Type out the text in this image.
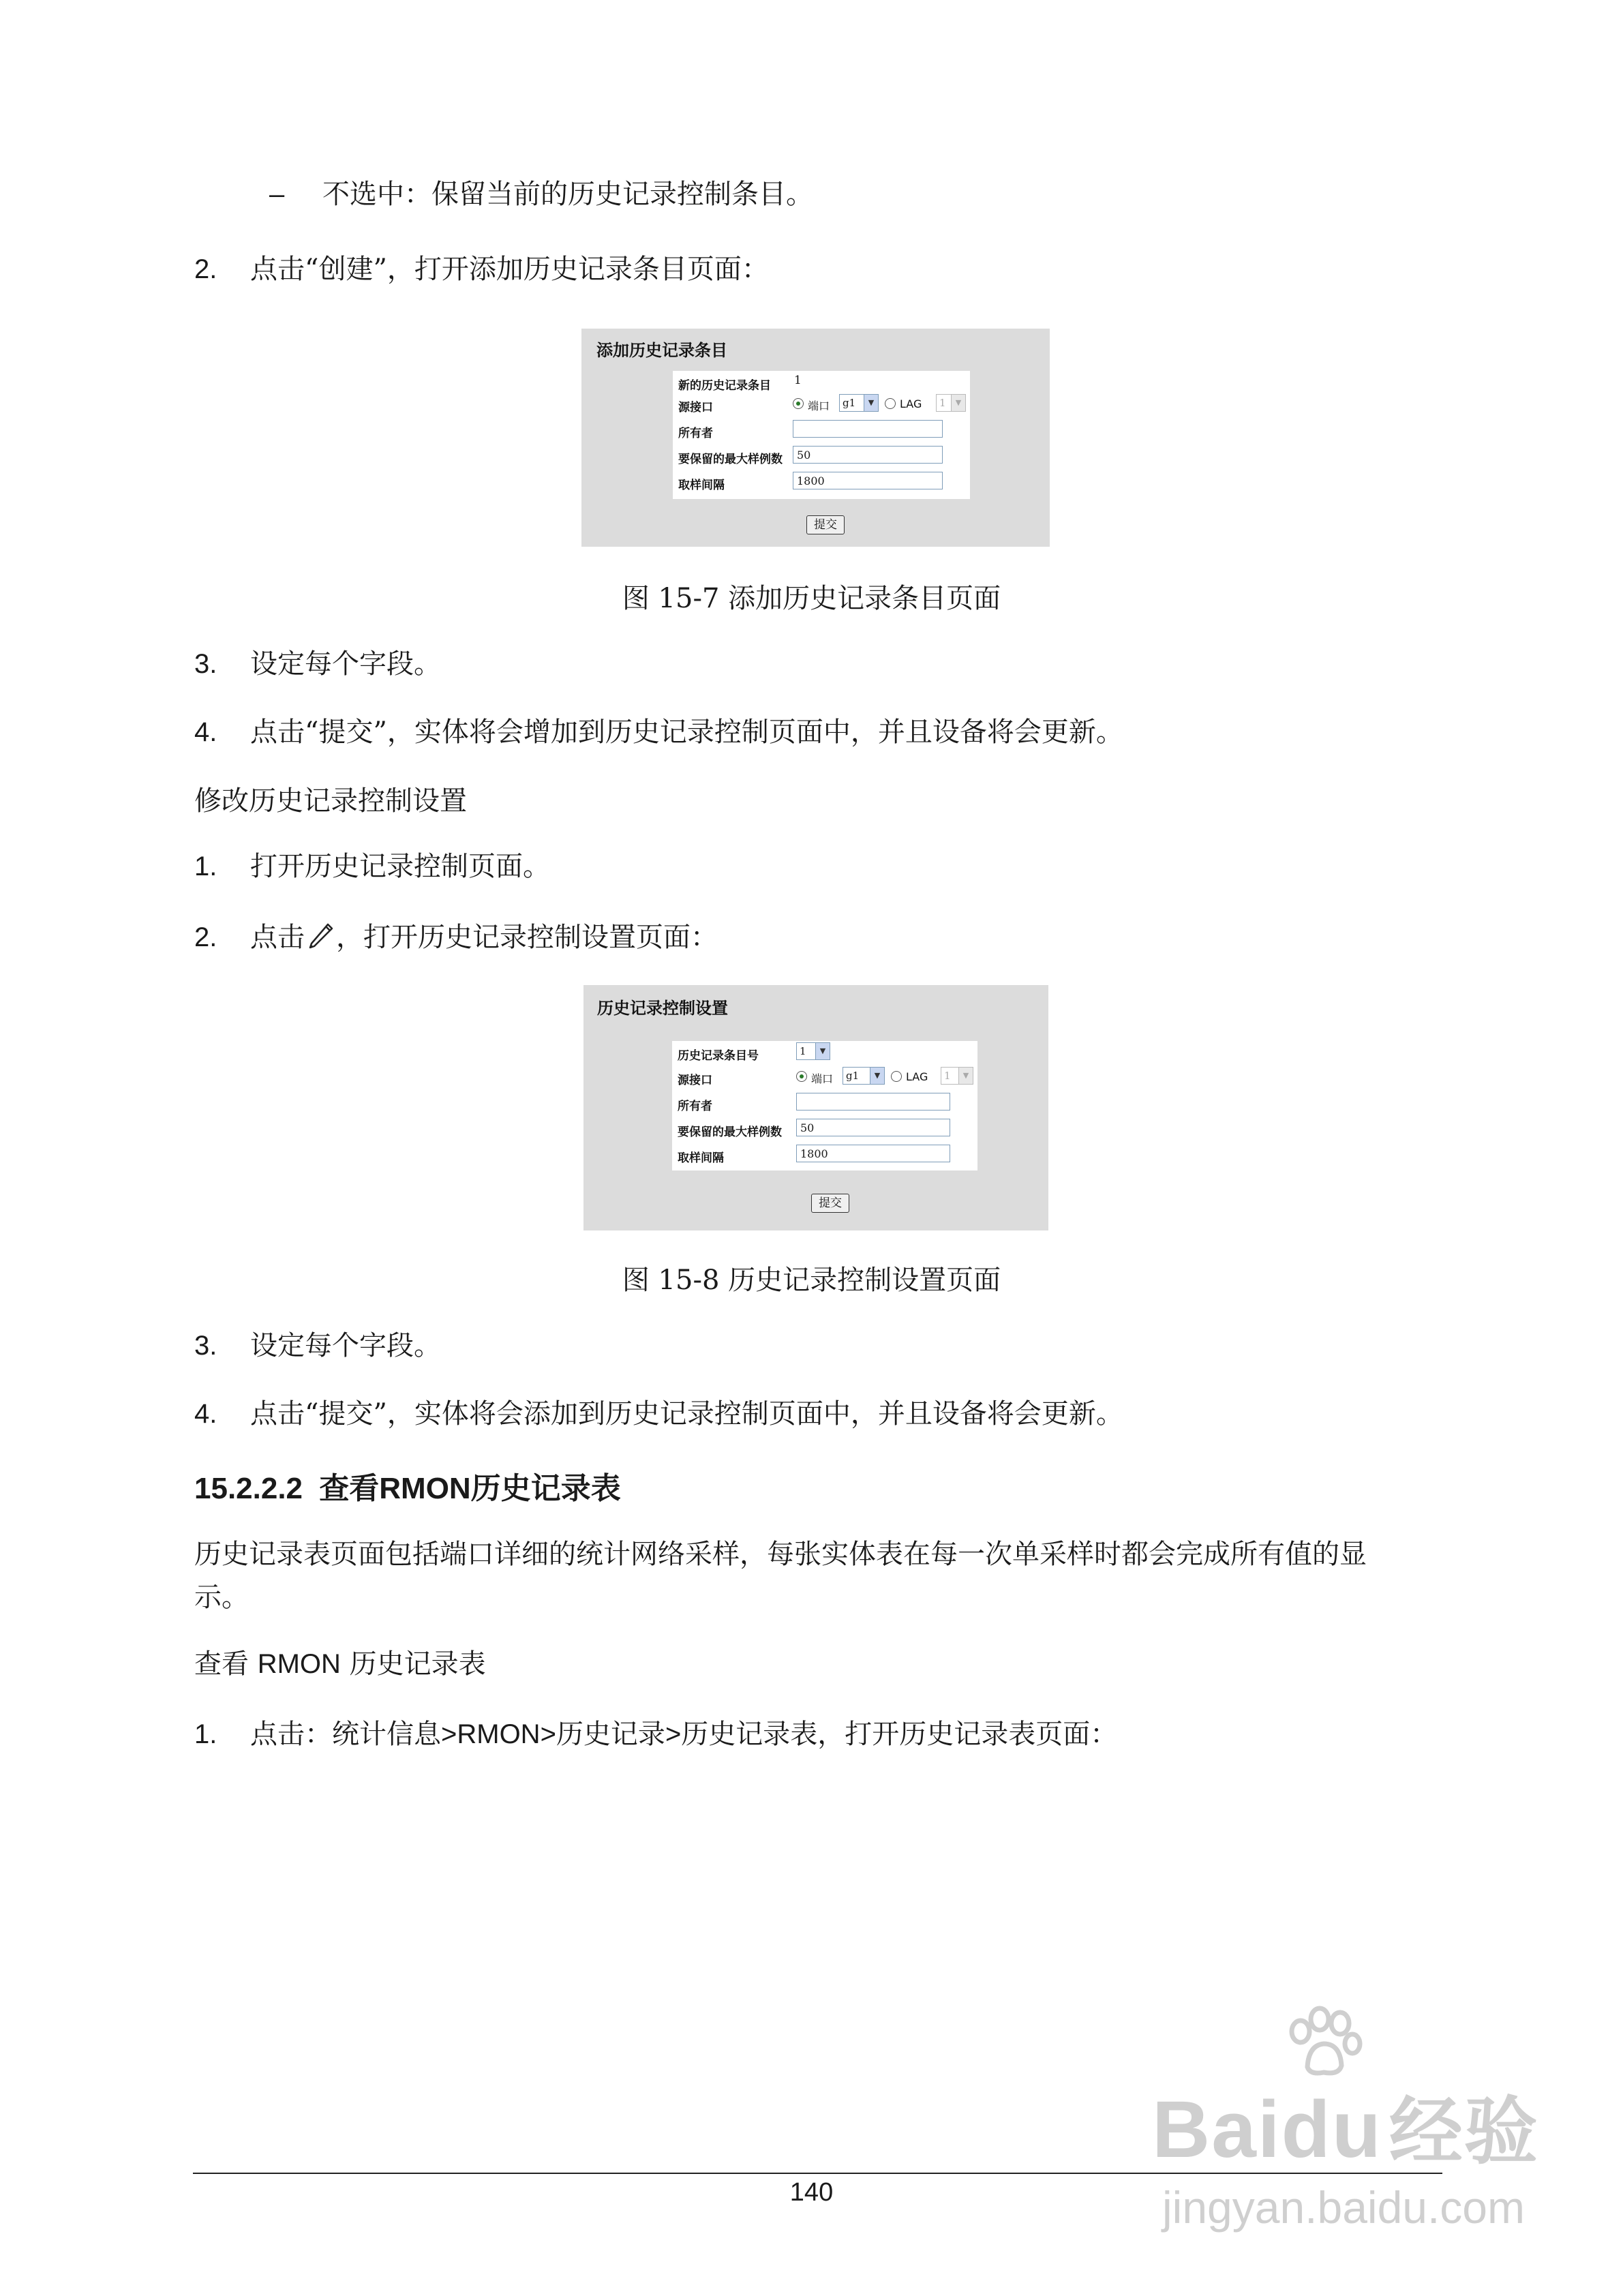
– 不选中：保留当前的历史记录控制条目。
2. 点击“创建”，打开添加历史记录条目页面：
添加历史记录条目
新的历史记录条目 1
源接口	端口	g1	▼	LAG	1	▼
所有者
要保留的最大样例数	50
取样间隔	1800
提交
图 15-7 添加历史记录条目页面
3. 设定每个字段。
4. 点击“提交”，实体将会增加到历史记录控制页面中，并且设备将会更新。
修改历史记录控制设置
1. 打开历史记录控制页面。
2. 点击 ，打开历史记录控制设置页面：
历史记录控制设置
历史记录条目号	1	▼
源接口	端口	g1	▼	LAG	1	▼
所有者
要保留的最大样例数	50
取样间隔	1800
提交
图 15-8 历史记录控制设置页面
3. 设定每个字段。
4. 点击“提交”，实体将会添加到历史记录控制页面中，并且设备将会更新。
15.2.2.2 查看RMON历史记录表
历史记录表页面包括端口详细的统计网络采样，每张实体表在每一次单采样时都会完成所有值的显
示。
查看 RMON 历史记录表
1. 点击：统计信息>RMON>历史记录>历史记录表，打开历史记录表页面：
140
Baidu经验
jingyan.baidu.com
